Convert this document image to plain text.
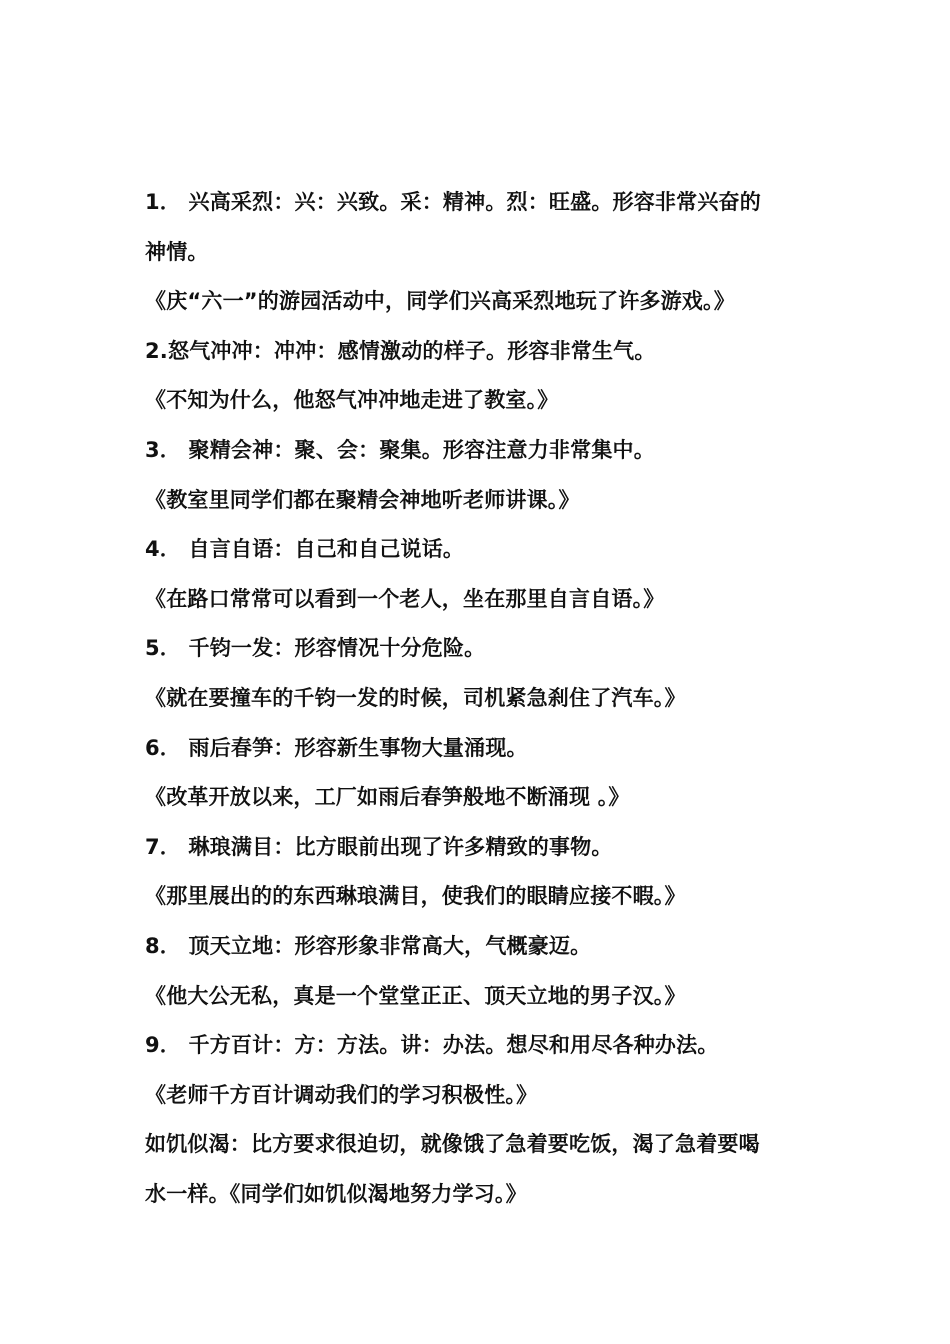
1． 兴高采烈：兴：兴致。采：精神。烈：旺盛。形容非常兴奋的
神情。
《庆“六一”的游园活动中，同学们兴高采烈地玩了许多游戏。》
2.怒气冲冲：冲冲：感情激动的样子。形容非常生气。
《不知为什么，他怒气冲冲地走进了教室。》
3． 聚精会神：聚、会：聚集。形容注意力非常集中。
《教室里同学们都在聚精会神地听老师讲课。》
4． 自言自语：自己和自己说话。
《在路口常常可以看到一个老人，坐在那里自言自语。》
5． 千钧一发：形容情况十分危险。
《就在要撞车的千钧一发的时候，司机紧急刹住了汽车。》
6． 雨后春笋：形容新生事物大量涌现。
《改革开放以来，工厂如雨后春笋般地不断涌现 。》
7． 琳琅满目：比方眼前出现了许多精致的事物。
《那里展出的的东西琳琅满目，使我们的眼睛应接不暇。》
8． 顶天立地：形容形象非常高大，气概豪迈。
《他大公无私，真是一个堂堂正正、顶天立地的男子汉。》
9． 千方百计：方：方法。讲：办法。想尽和用尽各种办法。
《老师千方百计调动我们的学习积极性。》
如饥似渴：比方要求很迫切，就像饿了急着要吃饭，渴了急着要喝
水一样。《同学们如饥似渴地努力学习。》
